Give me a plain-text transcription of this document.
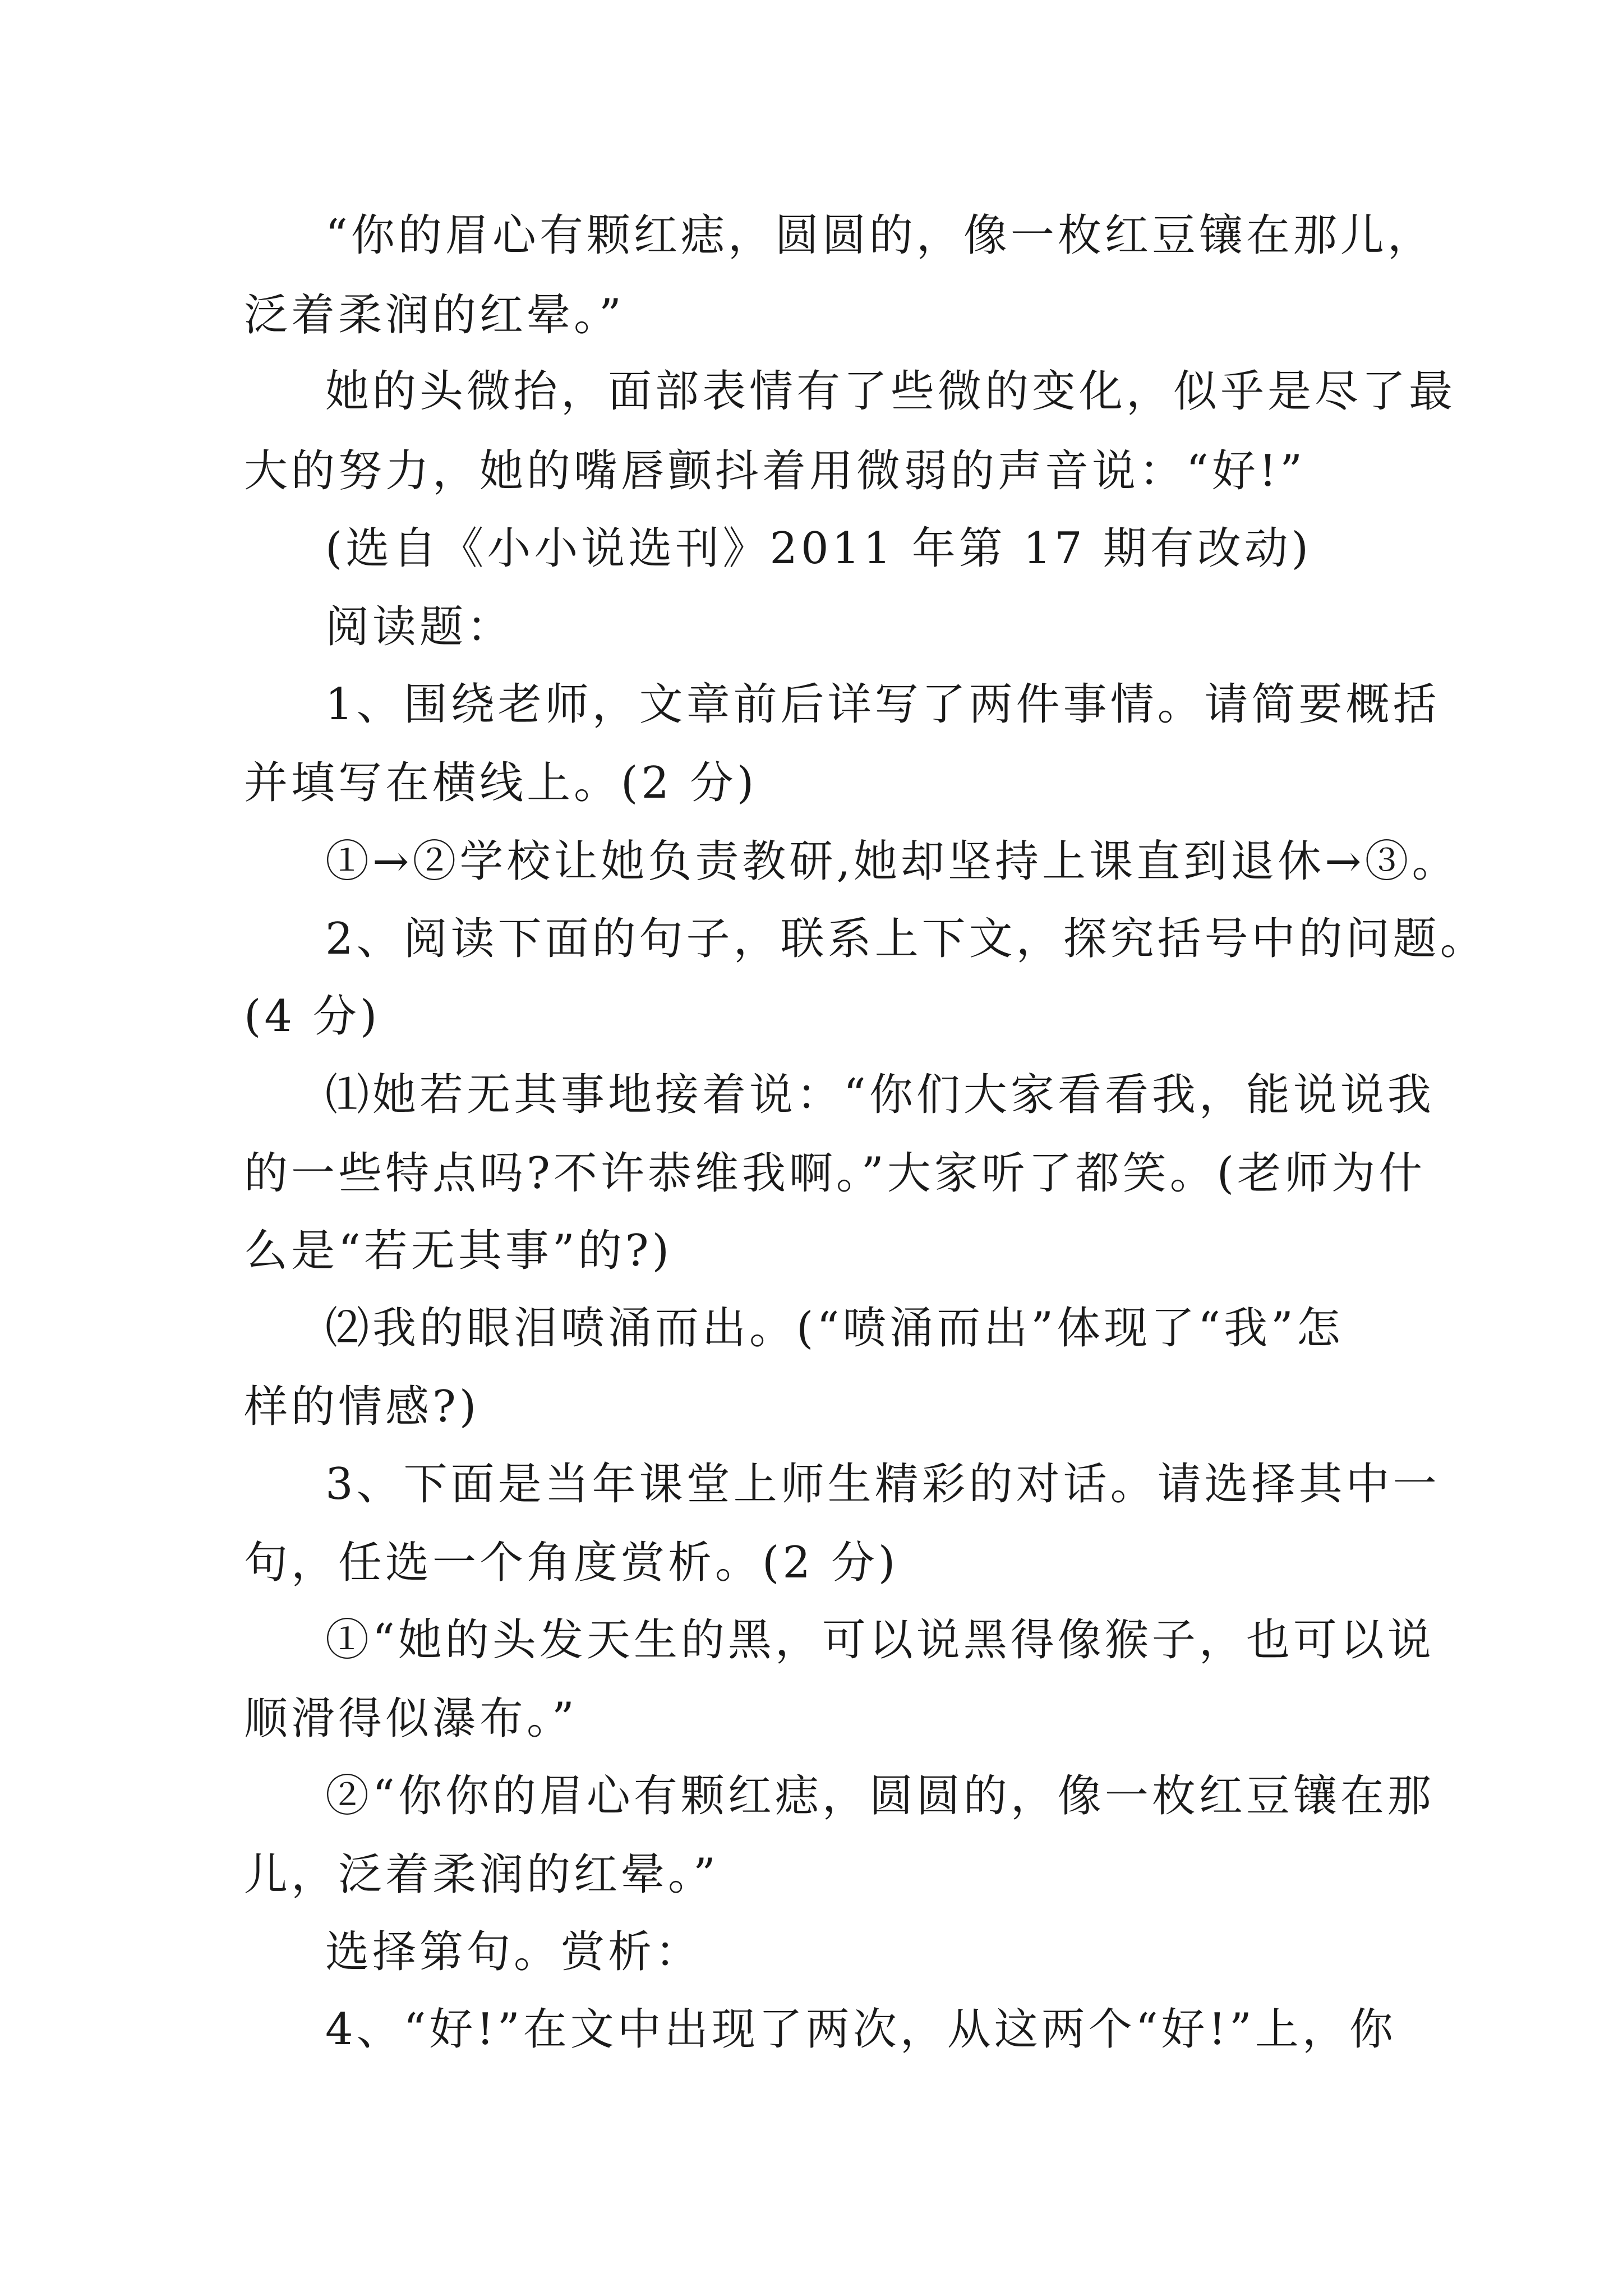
“你的眉心有颗红痣，圆圆的，像一枚红豆镶在那儿，
泛着柔润的红晕。”
她的头微抬，面部表情有了些微的变化，似乎是尽了最
大的努力，她的嘴唇颤抖着用微弱的声音说：“好!”
(选自《小小说选刊》2011 年第 17 期有改动)
阅读题：
1、围绕老师，文章前后详写了两件事情。请简要概括
并填写在横线上。(2 分)
①→②学校让她负责教研,她却坚持上课直到退休→③。
2、阅读下面的句子，联系上下文，探究括号中的问题。
(4 分)
⑴她若无其事地接着说：“你们大家看看我，能说说我
的一些特点吗?不许恭维我啊。”大家听了都笑。(老师为什
么是“若无其事”的?)
⑵我的眼泪喷涌而出。(“喷涌而出”体现了“我”怎
样的情感?)
3、下面是当年课堂上师生精彩的对话。请选择其中一
句，任选一个角度赏析。(2 分)
①“她的头发天生的黑，可以说黑得像猴子，也可以说
顺滑得似瀑布。”
②“你你的眉心有颗红痣，圆圆的，像一枚红豆镶在那
儿，泛着柔润的红晕。”
选择第句。赏析：
4、“好!”在文中出现了两次，从这两个“好!”上，你
